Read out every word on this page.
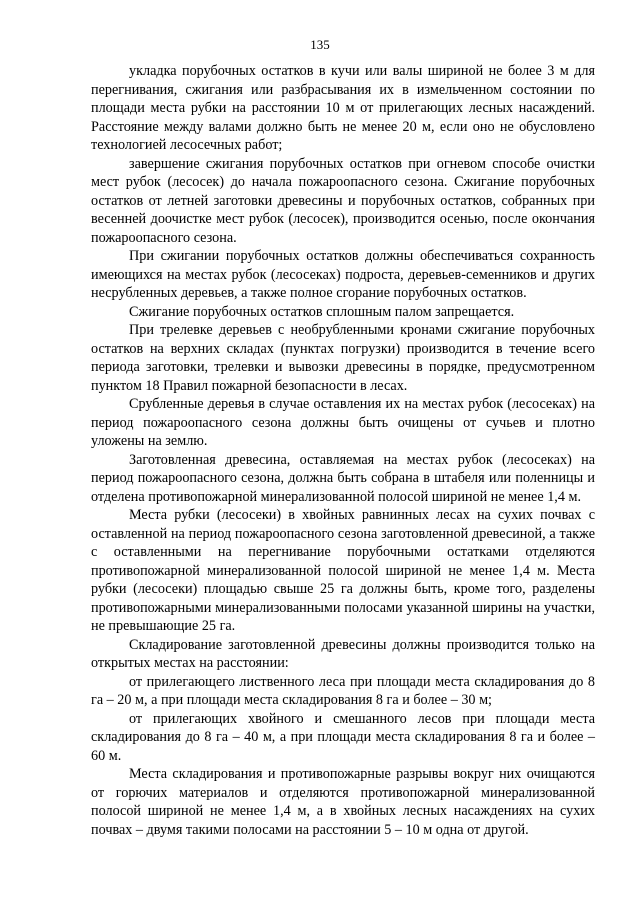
135

укладка порубочных остатков в кучи или валы шириной не более 3 м для перегнивания, сжигания или разбрасывания их в измельченном состоянии по площади места рубки на расстоянии 10 м от прилегающих лесных насаждений. Расстояние между валами должно быть не менее 20 м, если оно не обусловлено технологией лесосечных работ;

завершение сжигания порубочных остатков при огневом способе очистки мест рубок (лесосек) до начала пожароопасного сезона. Сжигание порубочных остатков от летней заготовки древесины и порубочных остатков, собранных при весенней доочистке мест рубок (лесосек), производится осенью, после окончания пожароопасного сезона.

При сжигании порубочных остатков должны обеспечиваться сохранность имеющихся на местах рубок (лесосеках) подроста, деревьев-семенников и других несрубленных деревьев, а также полное сгорание порубочных остатков.

Сжигание порубочных остатков сплошным палом запрещается.

При трелевке деревьев с необрубленными кронами сжигание порубочных остатков на верхних складах (пунктах погрузки) производится в течение всего периода заготовки, трелевки и вывозки древесины в порядке, предусмотренном пунктом 18 Правил пожарной безопасности в лесах.

Срубленные деревья в случае оставления их на местах рубок (лесосеках) на период пожароопасного сезона должны быть очищены от сучьев и плотно уложены на землю.

Заготовленная древесина, оставляемая на местах рубок (лесосеках) на период пожароопасного сезона, должна быть собрана в штабеля или поленницы и отделена противопожарной минерализованной полосой шириной не менее 1,4 м.

Места рубки (лесосеки) в хвойных равнинных лесах на сухих почвах с оставленной на период пожароопасного сезона заготовленной древесиной, а также с оставленными на перегнивание порубочными остатками отделяются противопожарной минерализованной полосой шириной не менее 1,4 м. Места рубки (лесосеки) площадью свыше 25 га должны быть, кроме того, разделены противопожарными минерализованными полосами указанной ширины на участки, не превышающие 25 га.

Складирование заготовленной древесины должны производится только на открытых местах на расстоянии:

от прилегающего лиственного леса при площади места складирования до 8 га – 20 м, а при площади места складирования 8 га и более – 30 м;

от прилегающих хвойного и смешанного лесов при площади места складирования до 8 га – 40 м, а при площади места складирования 8 га и более – 60 м.

Места складирования и противопожарные разрывы вокруг них очищаются от горючих материалов и отделяются противопожарной минерализованной полосой шириной не менее 1,4 м, а в хвойных лесных насаждениях на сухих почвах – двумя такими полосами на расстоянии 5 – 10 м одна от другой.
